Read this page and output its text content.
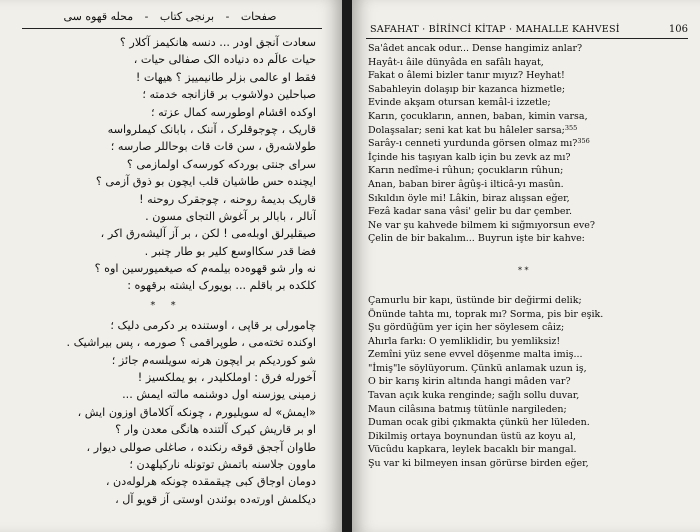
صفحات - برنجی کتاب - محله قهوه سی
سعادت آنجق اودر ... دنسه هانکیمز آکلار ؟
حیات عالَم ده دنیاده الک صفالی حیات ،
فقط او عالمی بزلر طانیمییز ؟ هیهات !
صباحلین دولاشوب بر قازانجه خدمته ؛
اوکده اقشام اوطورسه کمال عزته ؛
قاریک ، چوجوقلرک ، آننک ، بابانک کیملرواسه
طولاشه‌رق ، سن قات قات بوحاللر صارسه ؛
سرای جنتی بوردکه کورسه‌ک اولمازمی ؟
ایچنده حس طاشیان قلب ایچون بو ذوق آزمی ؟
قاریک بدیمهٔ روحنه ، چوجقرک روحنه !
آنالر ، بابالر بر آغوش التجای مسون .
صیقلیرلق اوبله‌می ! لکن ، بر آز آلیشه‌رق اکر ،
فضا قدر سکااوسع کلیر بو طار چنبر .
نه وار شو قهوه‌ده بیلمه‌م که صیغمیورسین اوه ؟
کلکده بر باقلم ... بویورک ایشته برقهوه :
* *
چامورلی بر قاپی ، اوستنده بر دکرمی دلیک ؛
اوکنده تخته‌می ، طوپراقمی ؟ صورمه ، پس بیراشیک .
شو کوردیکم بر ایچون هرنه سویلسه‌م جائز ؛
آخورله فرق : اوملکلیدر ، بو یملکسیز !
زمینی یوزسنه اول دوشنمه مالته ایمش ...
«ایمش» له سویلیورم ، چونکه آکلاماق اوزون ایش ،
او بر قاریش کیرک آلتنده هانگی معدن وار ؟
طاوان آججق قوقه رنکنده ، صاغلی صوللی دیوار ،
ماوون جلاسنه باتمش توتونله نارکیلهدن ؛
دومان اوجاق کبی چیقمقده چونکه هرلوله‌دن ،
دیکلمش اورته‌ده بوئندن اوستی آز قویو آل ،
SAFAHAT · BİRİNCİ KİTAP · MAHALLE KAHVESİ	106
Sa'âdet ancak odur... Dense hangimiz anlar?
Hayât-ı âile dünyâda en safâlı hayat,
Fakat o âlemi bizler tanır mıyız? Heyhat!
Sabahleyin dolaşıp bir kazanca hizmetle;
Evinde akşam otursan kemâl-i izzetle;
Karın, çocukların, annen, baban, kimin varsa,
Dolaşsalar; seni kat kat bu hâleler sarsa;$^{355}$
Sarây-ı cenneti yurdunda görsen olmaz mı?$^{356}$
İçinde his taşıyan kalb için bu zevk az mı?
Karın nedîme-i rûhun; çocukların rûhun;
Anan, baban birer âgûş-i ilticâ-yı masûn.
Sıkıldın öyle mi! Lâkin, biraz alışsan eğer,
Fezâ kadar sana vâsi' gelir bu dar çember.
Ne var şu kahvede bilmem ki sığmıyorsun eve?
Çelin de bir bakalım... Buyrun işte bir kahve:
* *
Çamurlu bir kapı, üstünde bir değirmi delik;
Önünde tahta mı, toprak mı? Sorma, pis bir eşik.
Şu gördüğüm yer için her söylesem câiz;
Ahırla farkı: O yemliklidir, bu yemliksiz!
Zemîni yüz sene evvel döşenme malta imiş...
"İmiş"le söylüyorum. Çünkü anlamak uzun iş,
O bir karış kirin altında hangi mâden var?
Tavan açık kuka renginde; sağlı sollu duvar,
Maun cilâsına batmış tütünle nargileden;
Duman ocak gibi çıkmakta çünkü her lüleden.
Dikilmiş ortaya boynundan üstü az koyu al,
Vücûdu kapkara, leylek bacaklı bir mangal.
Şu var ki bilmeyen insan görürse birden eğer,
